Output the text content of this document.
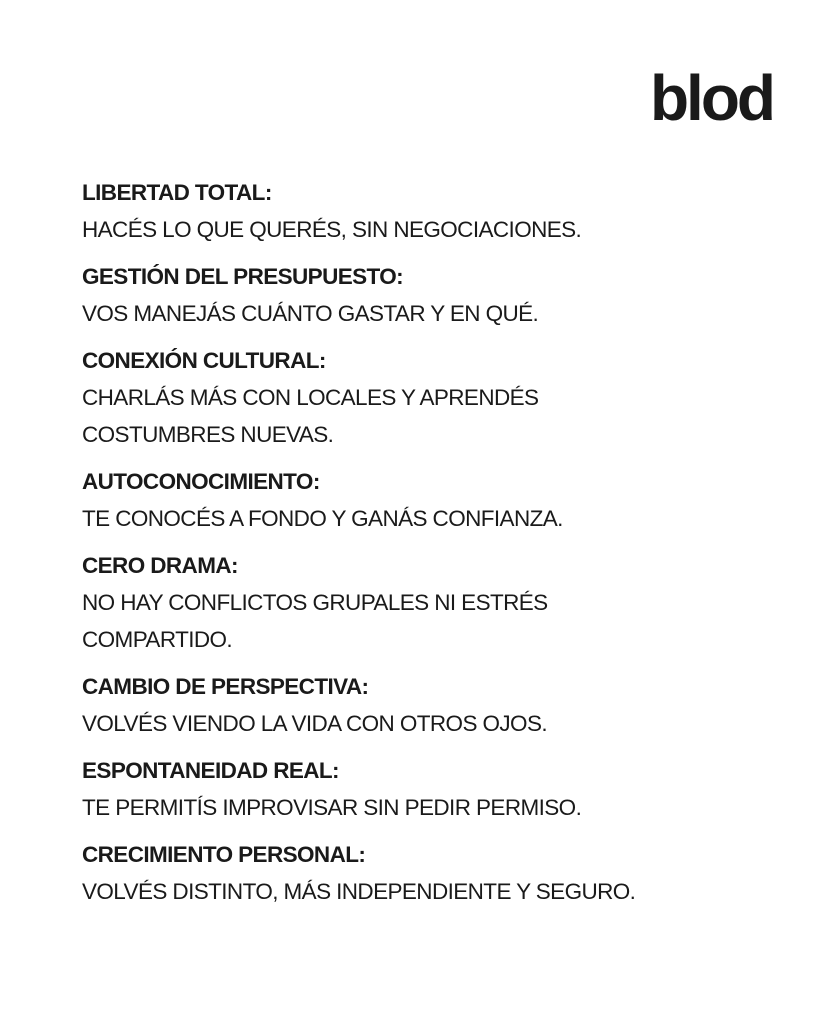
blod
LIBERTAD TOTAL:
HACÉS LO QUE QUERÉS, SIN NEGOCIACIONES.
GESTIÓN DEL PRESUPUESTO:
VOS MANEJÁS CUÁNTO GASTAR Y EN QUÉ.
CONEXIÓN CULTURAL:
CHARLÁS MÁS CON LOCALES Y APRENDÉS COSTUMBRES NUEVAS.
AUTOCONOCIMIENTO:
TE CONOCÉS A FONDO Y GANÁS CONFIANZA.
CERO DRAMA:
NO HAY CONFLICTOS GRUPALES NI ESTRÉS COMPARTIDO.
CAMBIO DE PERSPECTIVA:
VOLVÉS VIENDO LA VIDA CON OTROS OJOS.
ESPONTANEIDAD REAL:
TE PERMITÍS IMPROVISAR SIN PEDIR PERMISO.
CRECIMIENTO PERSONAL:
VOLVÉS DISTINTO, MÁS INDEPENDIENTE Y SEGURO.
